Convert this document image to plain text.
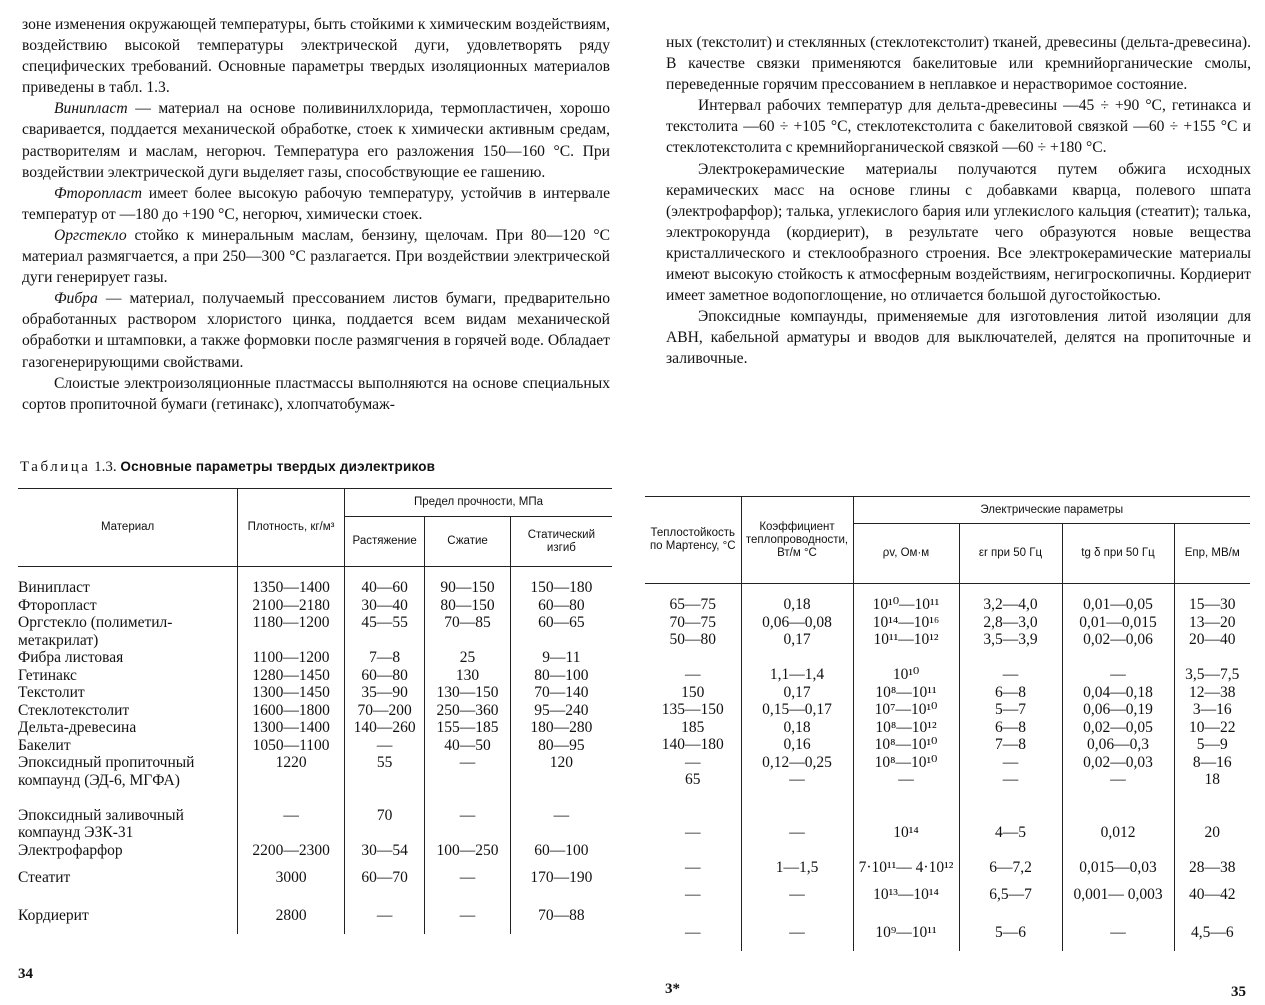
зоне изменения окружающей температуры, быть стойкими к химическим воздействиям, воздействию высокой температуры электрической дуги, удовлетворять ряду специфических требований. Основные параметры твердых изоляционных материалов приведены в табл. 1.3.

Винипласт — материал на основе поливинилхлорида, термопластичен, хорошо сваривается, поддается механической обработке, стоек к химически активным средам, растворителям и маслам, негорюч. Температура его разложения 150—160 °С. При воздействии электрической дуги выделяет газы, способствующие ее гашению.

Фторопласт имеет более высокую рабочую температуру, устойчив в интервале температур от —180 до +190 °С, негорюч, химически стоек.

Оргстекло стойко к минеральным маслам, бензину, щелочам. При 80—120 °С материал размягчается, а при 250—300 °С разлагается. При воздействии электрической дуги генерирует газы.

Фибра — материал, получаемый прессованием листов бумаги, предварительно обработанных раствором хлористого цинка, поддается всем видам механической обработки и штамповки, а также формовки после размягчения в горячей воде. Обладает газогенерирующими свойствами.

Слоистые электроизоляционные пластмассы выполняются на основе специальных сортов пропиточной бумаги (гетинакс), хлопчатобумаж-

Таблица 1.3. Основные параметры твердых диэлектриков
Материал	Плотность, кг/м³	Предел прочности, МПа		
		Растяжение	Сжатие	Статический изгиб

Винипласт	1350—1400	40—60	90—150	150—180
Фторопласт	2100—2180	30—40	80—150	60—80
Оргстекло (полиметил-метакрилат)	1180—1200	45—55	70—85	60—65
Фибра листовая	1100—1200	7—8	25	9—11
Гетинакс	1280—1450	60—80	130	80—100
Текстолит	1300—1450	35—90	130—150	70—140
Стеклотекстолит	1600—1800	70—200	250—360	95—240
Дельта-древесина	1300—1400	140—260	155—185	180—280
Бакелит	1050—1100	—	40—50	80—95
Эпоксидный пропиточный компаунд (ЭД-6, МГФА)	1220	55	—	120
Эпоксидный заливочный компаунд ЭЗК-31	—	70	—	—
Электрофарфор	2200—2300	30—54	100—250	60—100
Стеатит	3000	60—70	—	170—190
Кордиерит	2800	—	—	70—88
34

ных (текстолит) и стеклянных (стеклотекстолит) тканей, древесины (дельта-древесина). В качестве связки применяются бакелитовые или кремнийорганические смолы, переведенные горячим прессованием в неплавкое и нерастворимое состояние.

Интервал рабочих температур для дельта-древесины —45 ÷ +90 °С, гетинакса и текстолита —60 ÷ +105 °С, стеклотекстолита с бакелитовой связкой —60 ÷ +155 °С и стеклотекстолита с кремнийорганической связкой —60 ÷ +180 °С.

Электрокерамические материалы получаются путем обжига исходных керамических масс на основе глины с добавками кварца, полевого шпата (электрофарфор); талька, углекислого бария или углекислого кальция (стеатит); талька, электрокорунда (кордиерит), в результате чего образуются новые вещества кристаллического и стеклообразного строения. Все электрокерамические материалы имеют высокую стойкость к атмосферным воздействиям, негигроскопичны. Кордиерит имеет заметное водопоглощение, но отличается большой дугостойкостью.

Эпоксидные компаунды, применяемые для изготовления литой изоляции для АВН, кабельной арматуры и вводов для выключателей, делятся на пропиточные и заливочные.

Теплостойкость по Мартенсу, °С	Коэффициент теплопроводности, Вт/м °С	Электрические параметры			
		ρv, Ом·м	εr при 50 Гц	tg δ при 50 Гц	Епр, МВ/м

65—75	0,18	10¹⁰—10¹¹	3,2—4,0	0,01—0,05	15—30
70—75	0,06—0,08	10¹⁴—10¹⁶	2,8—3,0	0,01—0,015	13—20
50—80	0,17	10¹¹—10¹²	3,5—3,9	0,02—0,06	20—40
—	1,1—1,4	10¹⁰	—	—	3,5—7,5
150	0,17	10⁸—10¹¹	6—8	0,04—0,18	12—38
135—150	0,15—0,17	10⁷—10¹⁰	5—7	0,06—0,19	3—16
185	0,18	10⁸—10¹²	6—8	0,02—0,05	10—22
140—180	0,16	10⁸—10¹⁰	7—8	0,06—0,3	5—9
—	0,12—0,25	10⁸—10¹⁰	—	0,02—0,03	8—16
65	—	—	—	—	18
—	—	10¹⁴	4—5	0,012	20
—	1—1,5	7·10¹¹— 4·10¹²	6—7,2	0,015—0,03	28—38
—	—	10¹³—10¹⁴	6,5—7	0,001— 0,003	40—42
—	—	10⁹—10¹¹	5—6	—	4,5—6
3*	35
